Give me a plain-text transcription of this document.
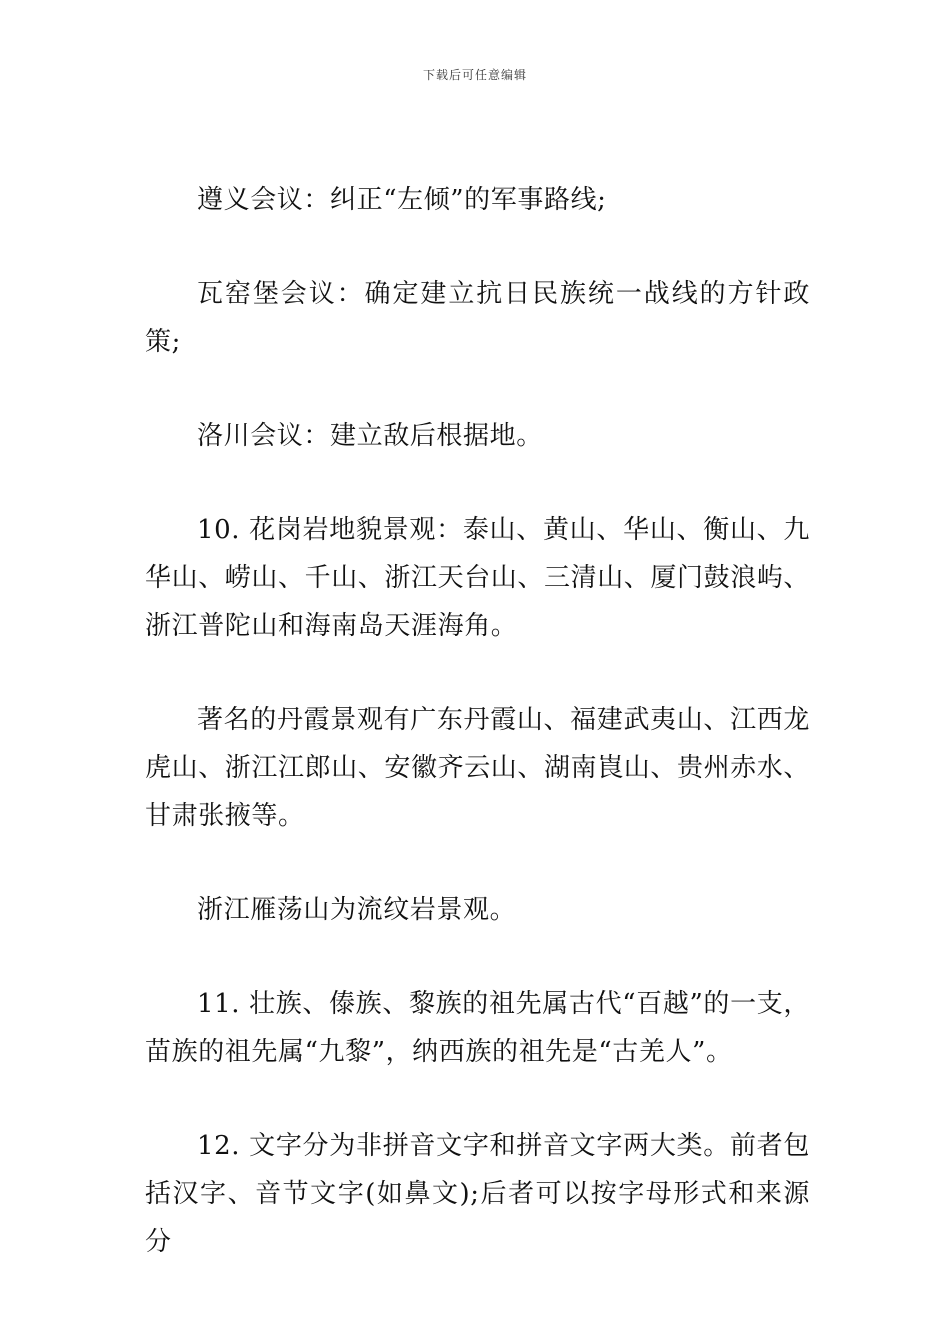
下载后可任意编辑

遵义会议：纠正“左倾”的军事路线;

瓦窑堡会议：确定建立抗日民族统一战线的方针政策;

洛川会议：建立敌后根据地。

10. 花岗岩地貌景观：泰山、黄山、华山、衡山、九华山、崂山、千山、浙江天台山、三清山、厦门鼓浪屿、浙江普陀山和海南岛天涯海角。

著名的丹霞景观有广东丹霞山、福建武夷山、江西龙虎山、浙江江郎山、安徽齐云山、湖南崀山、贵州赤水、甘肃张掖等。

浙江雁荡山为流纹岩景观。

11. 壮族、傣族、黎族的祖先属古代“百越”的一支，苗族的祖先属“九黎”，纳西族的祖先是“古羌人”。

12. 文字分为非拼音文字和拼音文字两大类。前者包括汉字、音节文字(如鼻文);后者可以按字母形式和来源分
